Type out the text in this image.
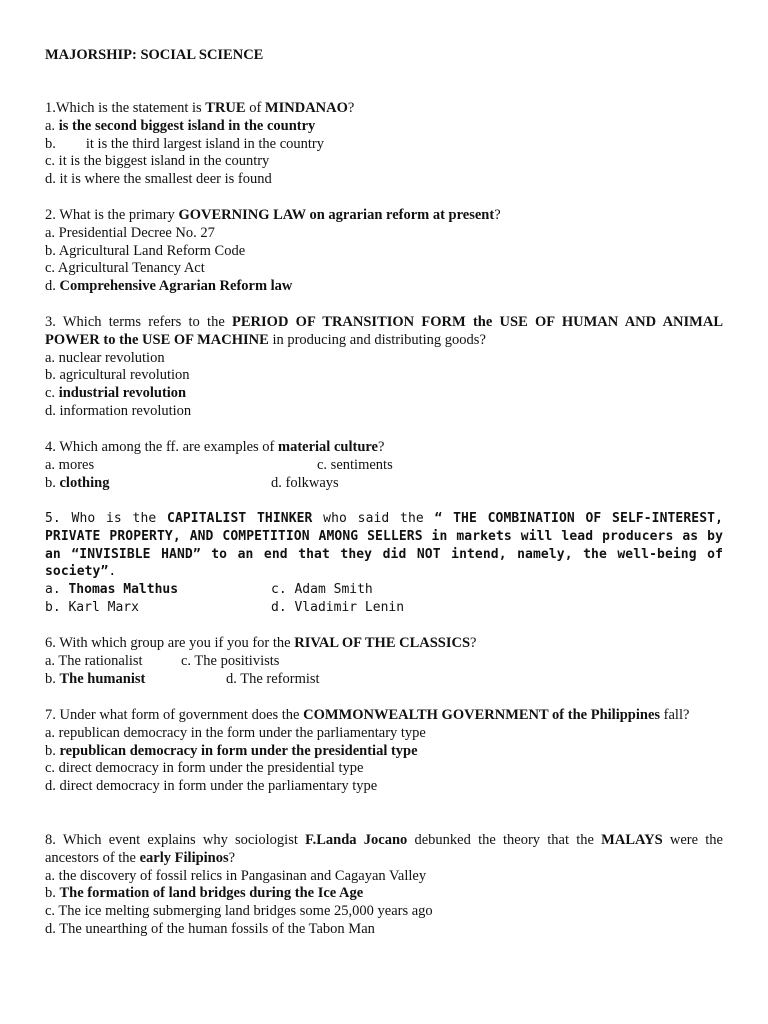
MAJORSHIP: SOCIAL SCIENCE

1.Which is the statement is TRUE of MINDANAO?

a. is the second biggest island in the country

b. it is the third largest island in the country

c. it is the biggest island in the country

d. it is where the smallest deer is found

2. What is the primary GOVERNING LAW on agrarian reform at present?

a. Presidential Decree No. 27

b. Agricultural Land Reform Code

c. Agricultural Tenancy Act

d. Comprehensive Agrarian Reform law

3. Which terms refers to the PERIOD OF TRANSITION FORM the USE OF HUMAN AND ANIMAL POWER to the USE OF MACHINE in producing and distributing goods?

a. nuclear revolution

b. agricultural revolution

c. industrial revolution

d. information revolution

4. Which among the ff. are examples of material culture?

a. mores	c. sentiments
b. clothing	d. folkways

5. Who is the CAPITALIST THINKER who said the “ THE COMBINATION OF SELF-INTEREST, PRIVATE PROPERTY, AND COMPETITION AMONG SELLERS in markets will lead producers as by an “INVISIBLE HAND” to an end that they did NOT intend, namely, the well-being of society”.

a. Thomas Malthus	c. Adam Smith
b. Karl Marx	d. Vladimir Lenin

6. With which group are you if you for the RIVAL OF THE CLASSICS?

a. The rationalist	c. The positivists
b. The humanist	d. The reformist

7. Under what form of government does the COMMONWEALTH GOVERNMENT of the Philippines fall?

a. republican democracy in the form under the parliamentary type

b. republican democracy in form under the presidential type

c. direct democracy in form under the presidential type

d. direct democracy in form under the parliamentary type

8. Which event explains why sociologist F.Landa Jocano debunked the theory that the MALAYS were the ancestors of the early Filipinos?

a. the discovery of fossil relics in Pangasinan and Cagayan Valley

b. The formation of land bridges during the Ice Age

c. The ice melting submerging land bridges some 25,000 years ago

d. The unearthing of the human fossils of the Tabon Man
